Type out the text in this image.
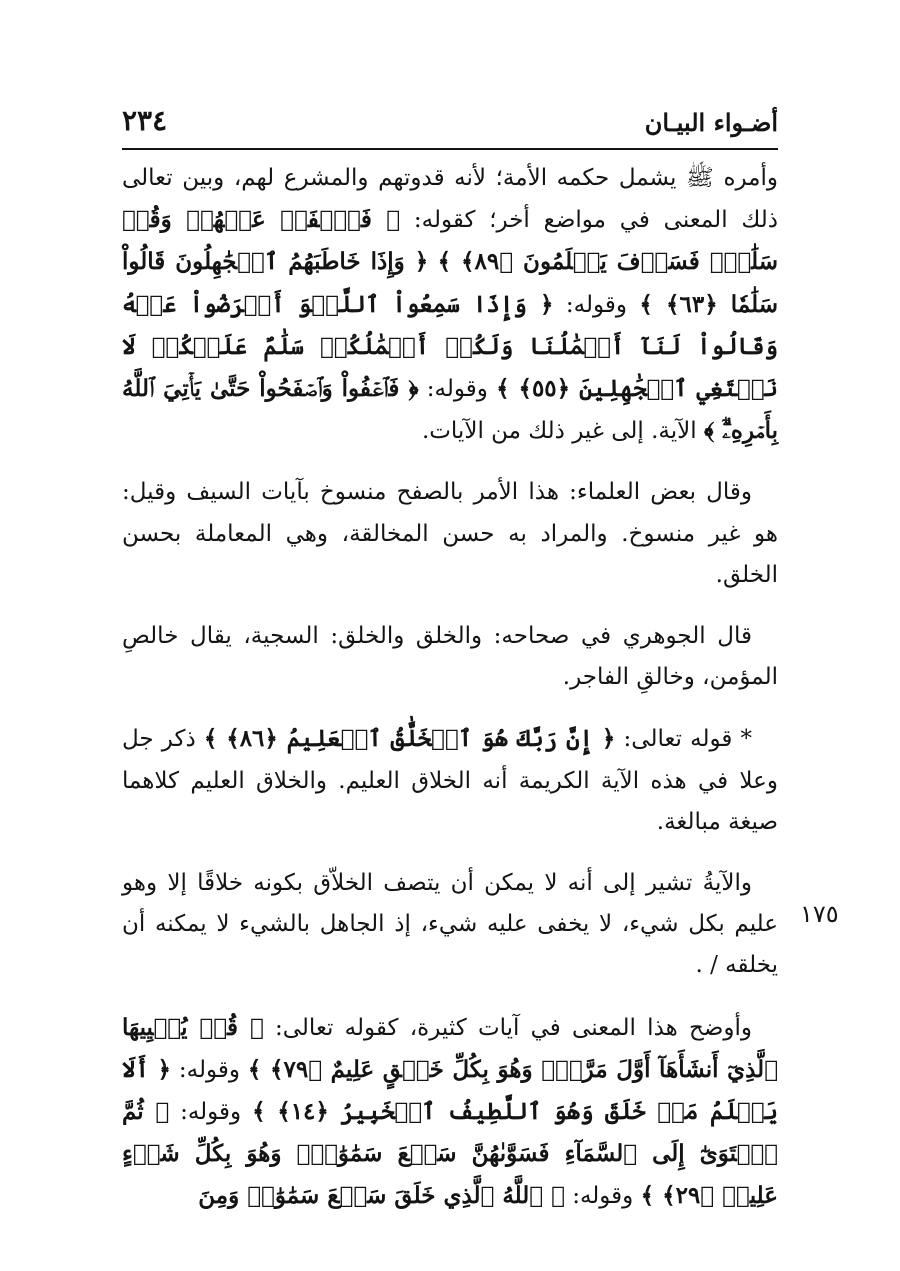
أضـواء البيـان
٢٣٤

وأمره ﷺ يشمل حكمه الأمة؛ لأنه قدوتهم والمشرع لهم، وبين تعالى ذلك المعنى في مواضع أخر؛ كقوله: ﴿ فَٱصۡفَحۡ عَنۡهُمۡ وَقُلۡ سَلَٰمٞۚ فَسَوۡفَ يَعۡلَمُونَ ﴿٨٩﴾ ﴾ ﴿ وَإِذَا خَاطَبَهُمُ ٱلۡجَٰهِلُونَ قَالُواْ سَلَٰمٗا ﴿٦٣﴾ ﴾ وقوله: ﴿ وَإِذَا سَمِعُواْ ٱللَّغۡوَ أَعۡرَضُواْ عَنۡهُ وَقَالُواْ لَنَآ أَعۡمَٰلُنَا وَلَكُمۡ أَعۡمَٰلُكُمۡ سَلَٰمٌ عَلَيۡكُمۡ لَا نَبۡتَغِي ٱلۡجَٰهِلِينَ ﴿٥٥﴾ ﴾ وقوله: ﴿ فَٱعۡفُواْ وَٱصۡفَحُواْ حَتَّىٰ يَأۡتِيَ ٱللَّهُ بِأَمۡرِهِۦٓۗ ﴾ الآية. إلى غير ذلك من الآيات.

وقال بعض العلماء: هذا الأمر بالصفح منسوخ بآيات السيف وقيل: هو غير منسوخ. والمراد به حسن المخالقة، وهي المعاملة بحسن الخلق.

قال الجوهري في صحاحه: والخلق والخلق: السجية، يقال خالصِ المؤمن، وخالقِ الفاجر.

* قوله تعالى: ﴿ إِنَّ رَبَّكَ هُوَ ٱلۡخَلَّٰقُ ٱلۡعَلِيمُ ﴿٨٦﴾ ﴾ ذكر جل وعلا في هذه الآية الكريمة أنه الخلاق العليم. والخلاق العليم كلاهما صيغة مبالغة.

والآيةُ تشير إلى أنه لا يمكن أن يتصف الخلاّق بكونه خلاقًا إلا وهو عليم بكل شيء، لا يخفى عليه شيء، إذ الجاهل بالشيء لا يمكنه أن يخلقه / .

وأوضح هذا المعنى في آيات كثيرة، كقوله تعالى: ﴿ قُلۡ يُحۡيِيهَا ٱلَّذِيٓ أَنشَأَهَآ أَوَّلَ مَرَّةٖۖ وَهُوَ بِكُلِّ خَلۡقٍ عَلِيمٌ ﴿٧٩﴾ ﴾ وقوله: ﴿ أَلَا يَعۡلَمُ مَنۡ خَلَقَ وَهُوَ ٱللَّطِيفُ ٱلۡخَبِيرُ ﴿١٤﴾ ﴾ وقوله: ﴿ ثُمَّ ٱسۡتَوَىٰٓ إِلَى ٱلسَّمَآءِ فَسَوَّىٰهُنَّ سَبۡعَ سَمَٰوَٰتٖۚ وَهُوَ بِكُلِّ شَيۡءٍ عَلِيمٞ ﴿٢٩﴾ ﴾ وقوله: ﴿ ٱللَّهُ ٱلَّذِي خَلَقَ سَبۡعَ سَمَٰوَٰتٖ وَمِنَ

١٧٥
